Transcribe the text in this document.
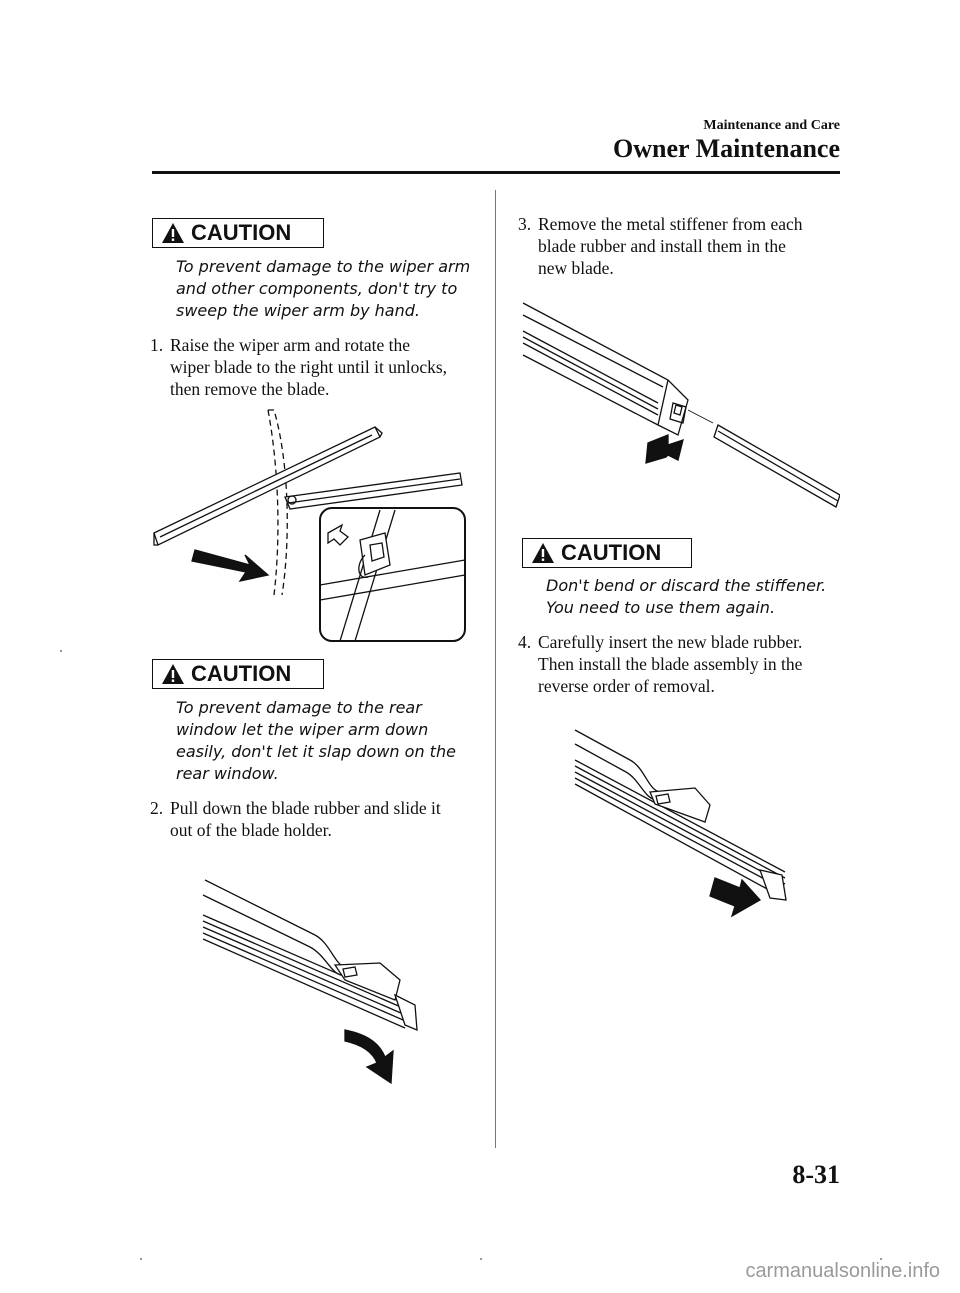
Maintenance and Care
Owner Maintenance
CAUTION
To prevent damage to the wiper arm
and other components, don't try to
sweep the wiper arm by hand.
1. Raise the wiper arm and rotate the
wiper blade to the right until it unlocks,
then remove the blade.
CAUTION
To prevent damage to the rear
window let the wiper arm down
easily, don't let it slap down on the
rear window.
2. Pull down the blade rubber and slide it
out of the blade holder.
3. Remove the metal stiffener from each
blade rubber and install them in the
new blade.
CAUTION
Don't bend or discard the stiffener.
You need to use them again.
4. Carefully insert the new blade rubber.
Then install the blade assembly in the
reverse order of removal.
8-31
carmanualsonline.info
